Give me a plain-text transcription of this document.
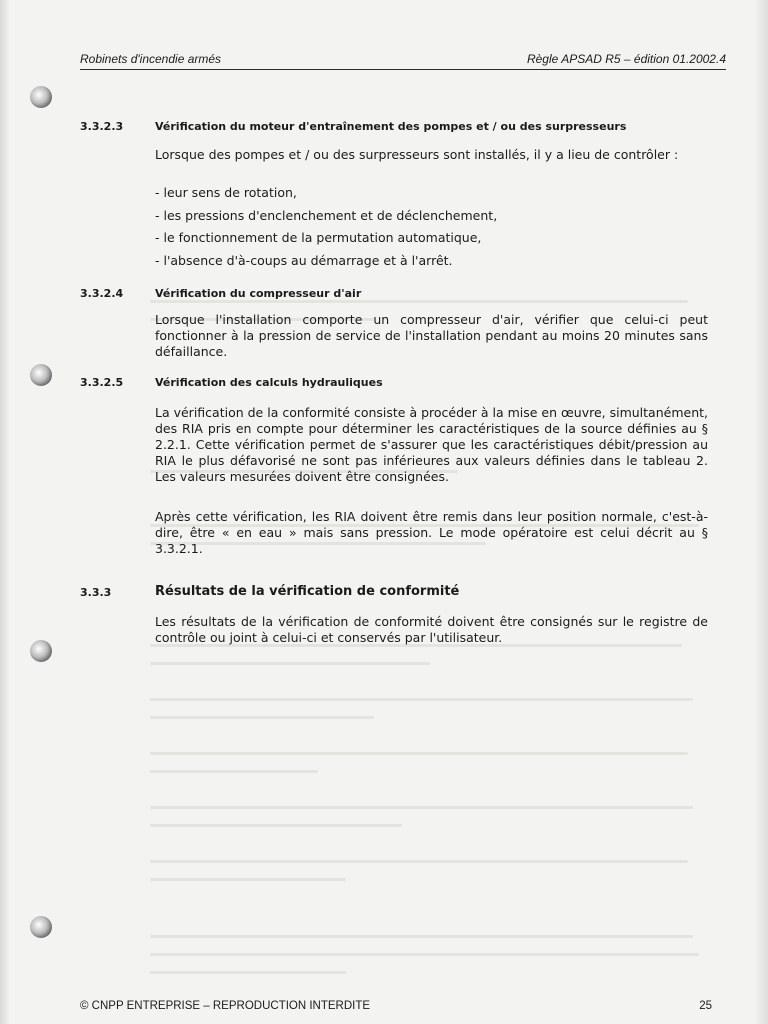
Robinets d'incendie armés	Règle APSAD R5 – édition 01.2002.4
3.3.2.3	Vérification du moteur d'entraînement des pompes et / ou des surpresseurs

Lorsque des pompes et / ou des surpresseurs sont installés, il y a lieu de contrôler :

- leur sens de rotation,
- les pressions d'enclenchement et de déclenchement,
- le fonctionnement de la permutation automatique,
- l'absence d'à-coups au démarrage et à l'arrêt.
3.3.2.4	Vérification du compresseur d'air

Lorsque l'installation comporte un compresseur d'air, vérifier que celui-ci peut fonctionner à la pression de service de l'installation pendant au moins 20 minutes sans défaillance.

3.3.2.5	Vérification des calculs hydrauliques

La vérification de la conformité consiste à procéder à la mise en œuvre, simultanément, des RIA pris en compte pour déterminer les caractéristiques de la source définies au § 2.2.1. Cette vérification permet de s'assurer que les caractéristiques débit/pression au RIA le plus défavorisé ne sont pas inférieures aux valeurs définies dans le tableau 2. Les valeurs mesurées doivent être consignées.

Après cette vérification, les RIA doivent être remis dans leur position normale, c'est-à-dire, être « en eau » mais sans pression. Le mode opératoire est celui décrit au § 3.3.2.1.

3.3.3	Résultats de la vérification de conformité

Les résultats de la vérification de conformité doivent être consignés sur le registre de contrôle ou joint à celui-ci et conservés par l'utilisateur.

© CNPP ENTREPRISE – REPRODUCTION INTERDITE	25
